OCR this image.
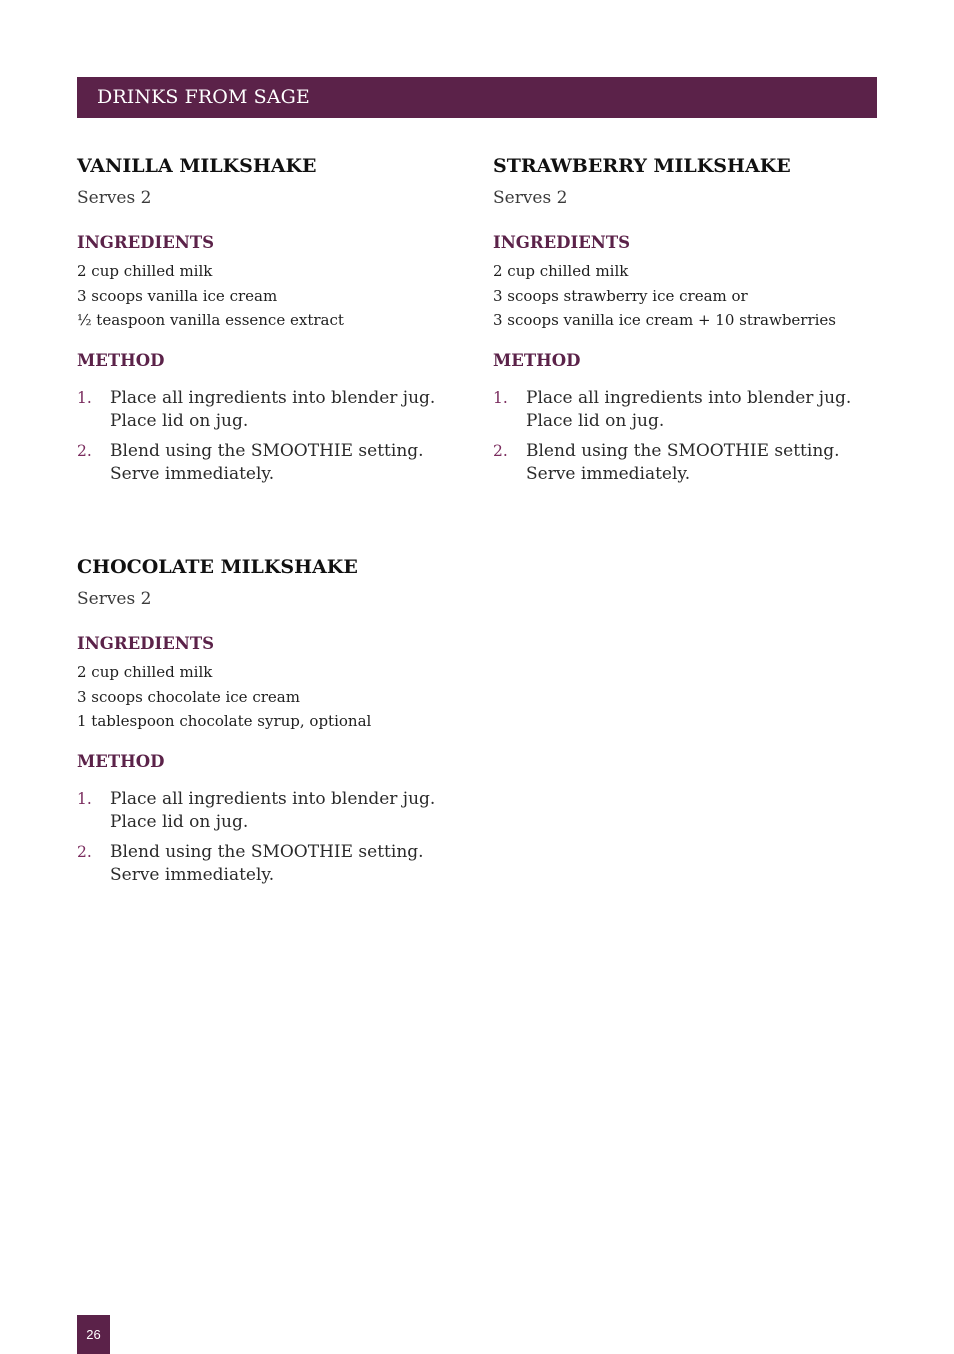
DRINKS FROM SAGE
VANILLA MILKSHAKE
Serves 2
INGREDIENTS
2 cup chilled milk
3 scoops vanilla ice cream
½ teaspoon vanilla essence extract
METHOD
1. Place all ingredients into blender jug.
Place lid on jug.
2. Blend using the SMOOTHIE setting.
Serve immediately.
STRAWBERRY MILKSHAKE
Serves 2
INGREDIENTS
2 cup chilled milk
3 scoops strawberry ice cream or
3 scoops vanilla ice cream + 10 strawberries
METHOD
1. Place all ingredients into blender jug.
Place lid on jug.
2. Blend using the SMOOTHIE setting.
Serve immediately.
CHOCOLATE MILKSHAKE
Serves 2
INGREDIENTS
2 cup chilled milk
3 scoops chocolate ice cream
1 tablespoon chocolate syrup, optional
METHOD
1. Place all ingredients into blender jug.
Place lid on jug.
2. Blend using the SMOOTHIE setting.
Serve immediately.
26
